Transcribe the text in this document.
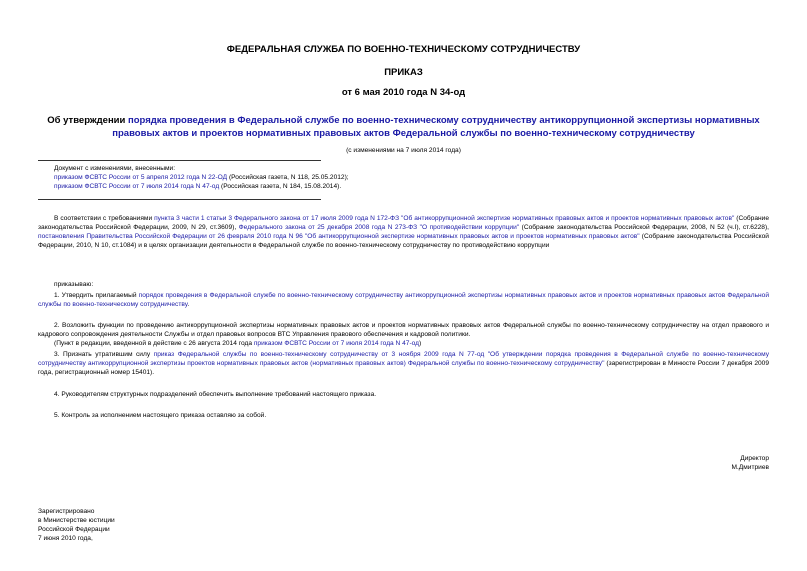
ФЕДЕРАЛЬНАЯ СЛУЖБА ПО ВОЕННО-ТЕХНИЧЕСКОМУ СОТРУДНИЧЕСТВУ
ПРИКАЗ
от 6 мая 2010 года N 34-од
Об утверждении порядка проведения в Федеральной службе по военно-техническому сотрудничеству антикоррупционной экспертизы нормативных правовых актов и проектов нормативных правовых актов Федеральной службы по военно-техническому сотрудничеству
(с изменениями на 7 июля 2014 года)
Документ с изменениями, внесенными:
приказом ФСВТС России от 5 апреля 2012 года N 22-ОД (Российская газета, N 118, 25.05.2012);
приказом ФСВТС России от 7 июля 2014 года N 47-од (Российская газета, N 184, 15.08.2014).

В соответствии с требованиями пункта 3 части 1 статьи 3 Федерального закона от 17 июля 2009 года N 172-ФЗ "Об антикоррупционной экспертизе нормативных правовых актов и проектов нормативных правовых актов" (Собрание законодательства Российской Федерации, 2009, N 29, ст.3609), Федерального закона от 25 декабря 2008 года N 273-ФЗ "О противодействии коррупции" (Собрание законодательства Российской Федерации, 2008, N 52 (ч.I), ст.6228), постановления Правительства Российской Федерации от 26 февраля 2010 года N 96 "Об антикоррупционной экспертизе нормативных правовых актов и проектов нормативных правовых актов" (Собрание законодательства Российской Федерации, 2010, N 10, ст.1084) и в целях организации деятельности в Федеральной службе по военно-техническому сотрудничеству по противодействию коррупции

приказываю:

1. Утвердить прилагаемый порядок проведения в Федеральной службе по военно-техническому сотрудничеству антикоррупционной экспертизы нормативных правовых актов и проектов нормативных правовых актов Федеральной службы по военно-техническому сотрудничеству.

2. Возложить функции по проведению антикоррупционной экспертизы нормативных правовых актов и проектов нормативных правовых актов Федеральной службы по военно-техническому сотрудничеству на отдел правового и кадрового сопровождения деятельности Службы и отдел правовых вопросов ВТС Управления правового обеспечения и кадровой политики.

(Пункт в редакции, введенной в действие с 26 августа 2014 года приказом ФСВТС России от 7 июля 2014 года N 47-од)

3. Признать утратившим силу приказ Федеральной службы по военно-техническому сотрудничеству от 3 ноября 2009 года N 77-од "Об утверждении порядка проведения в Федеральной службе по военно-техническому сотрудничеству антикоррупционной экспертизы проектов нормативных правовых актов (нормативных правовых актов) Федеральной службы по военно-техническому сотрудничеству" (зарегистрирован в Минюсте России 7 декабря 2009 года, регистрационный номер 15401).

4. Руководителям структурных подразделений обеспечить выполнение требований настоящего приказа.

5. Контроль за исполнением настоящего приказа оставляю за собой.

Директор
М.Дмитриев
Зарегистрировано
в Министерстве юстиции
Российской Федерации
7 июня 2010 года,
